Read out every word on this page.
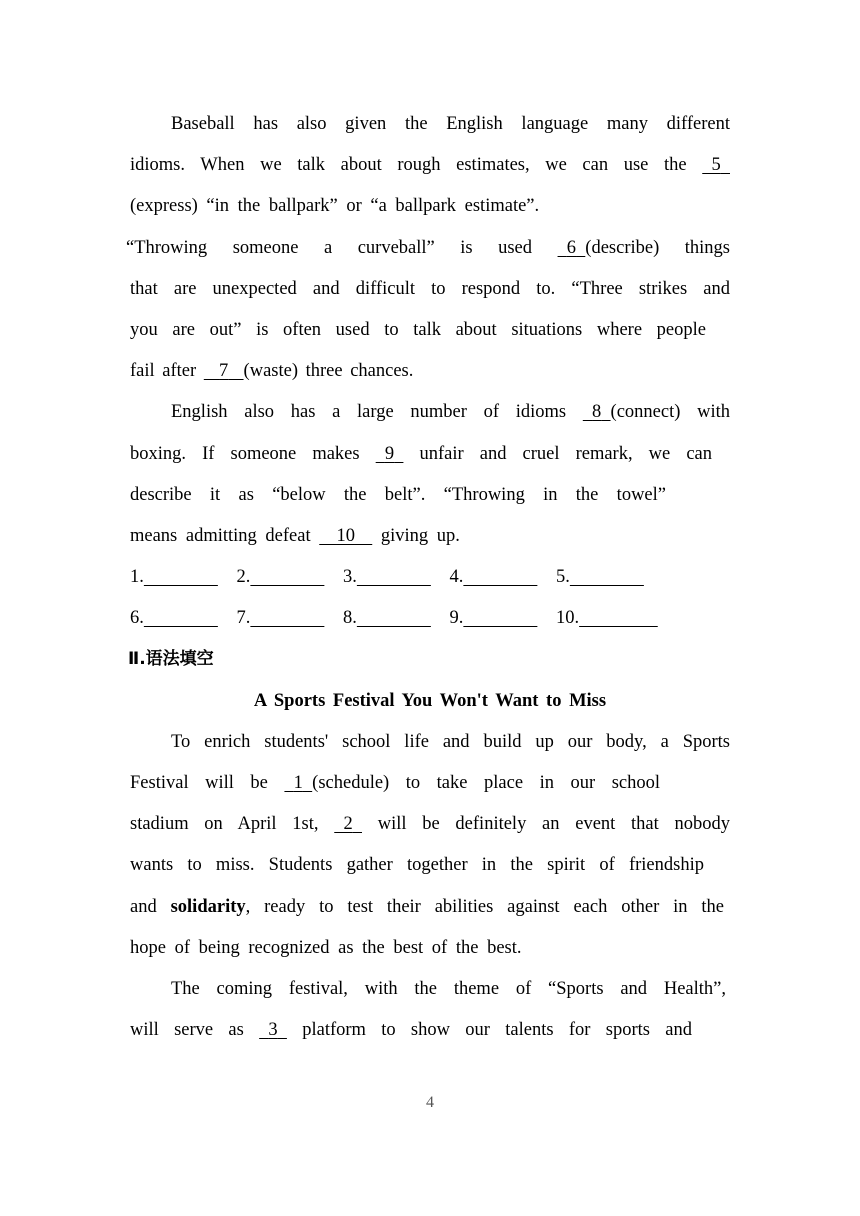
Baseball has also given the English language many different
idioms. When we talk about rough estimates, we can use the   5
(express) “in the ballpark” or “a ballpark estimate”.
“Throwing someone a curveball” is used   6 (describe) things
that are unexpected and difficult to respond to. “Three strikes and
you are out” is often used to talk about situations where people
fail after   7 (waste) three chances.
English also has a large number of idioms   8 (connect) with
boxing. If someone makes   9   unfair and cruel remark, we can
describe it as “below the belt”. “Throwing in the towel”
means admitting defeat   10   giving up.
1.	2.	3.	4.	5.
6.	7.	8.	9.	10.
Ⅱ.语法填空
A Sports Festival You Won't Want to Miss
To enrich students' school life and build up our body, a Sports
Festival will be   1 (schedule) to take place in our school
stadium on April 1st,   2   will be definitely an event that nobody
wants to miss. Students gather together in the spirit of friendship
and solidarity, ready to test their abilities against each other in the
hope of being recognized as the best of the best.
The coming festival, with the theme of “Sports and Health”,
will serve as   3   platform to show our talents for sports and
4
